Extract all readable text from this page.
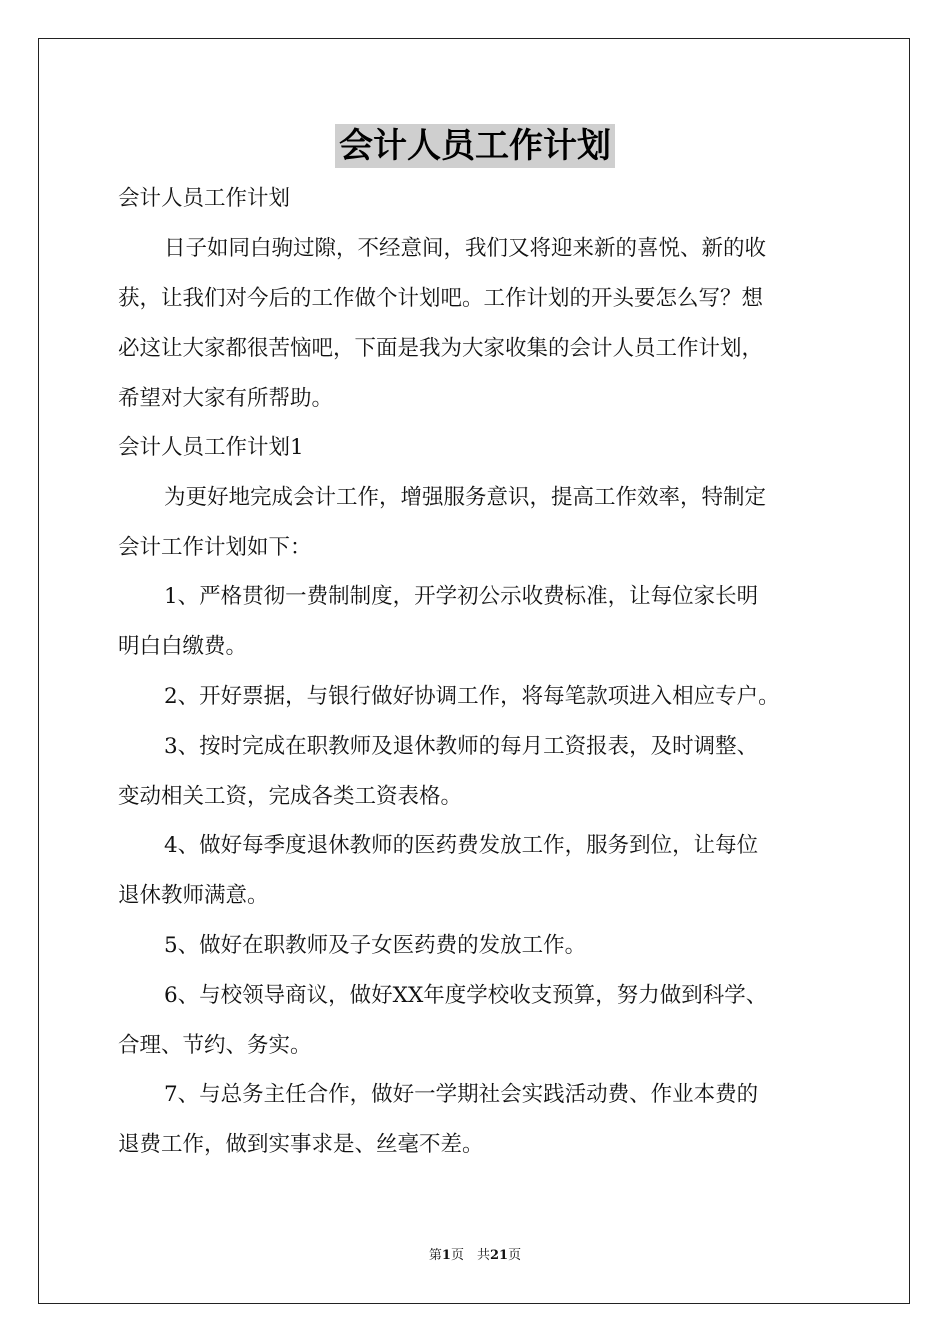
会计人员工作计划
会计人员工作计划
日子如同白驹过隙，不经意间，我们又将迎来新的喜悦、新的收
获，让我们对今后的工作做个计划吧。工作计划的开头要怎么写？想
必这让大家都很苦恼吧，下面是我为大家收集的会计人员工作计划，
希望对大家有所帮助。
会计人员工作计划1
为更好地完成会计工作，增强服务意识，提高工作效率，特制定
会计工作计划如下：
1、严格贯彻一费制制度，开学初公示收费标准，让每位家长明
明白白缴费。
2、开好票据，与银行做好协调工作，将每笔款项进入相应专户。
3、按时完成在职教师及退休教师的每月工资报表，及时调整、
变动相关工资，完成各类工资表格。
4、做好每季度退休教师的医药费发放工作，服务到位，让每位
退休教师满意。
5、做好在职教师及子女医药费的发放工作。
6、与校领导商议，做好XX年度学校收支预算，努力做到科学、
合理、节约、务实。
7、与总务主任合作，做好一学期社会实践活动费、作业本费的
退费工作，做到实事求是、丝毫不差。
第1页　共21页
